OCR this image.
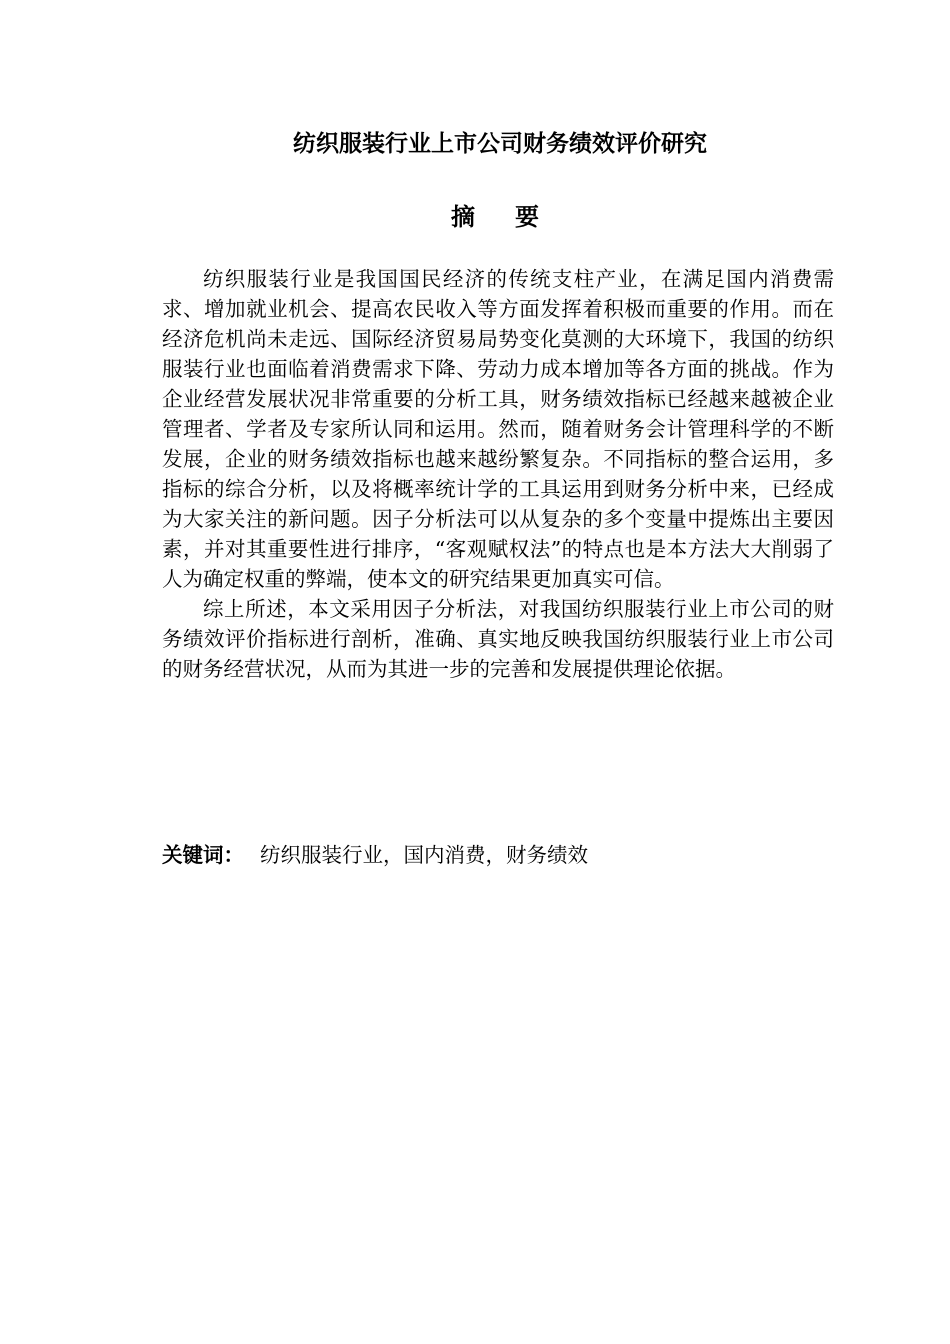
纺织服装行业上市公司财务绩效评价研究
摘要

纺织服装行业是我国国民经济的传统支柱产业，在满足国内消费需求、增加就业机会、提高农民收入等方面发挥着积极而重要的作用。而在经济危机尚未走远、国际经济贸易局势变化莫测的大环境下，我国的纺织服装行业也面临着消费需求下降、劳动力成本增加等各方面的挑战。作为企业经营发展状况非常重要的分析工具，财务绩效指标已经越来越被企业管理者、学者及专家所认同和运用。然而，随着财务会计管理科学的不断发展，企业的财务绩效指标也越来越纷繁复杂。不同指标的整合运用，多指标的综合分析，以及将概率统计学的工具运用到财务分析中来，已经成为大家关注的新问题。因子分析法可以从复杂的多个变量中提炼出主要因素，并对其重要性进行排序，“客观赋权法”的特点也是本方法大大削弱了人为确定权重的弊端，使本文的研究结果更加真实可信。

综上所述，本文采用因子分析法，对我国纺织服装行业上市公司的财务绩效评价指标进行剖析，准确、真实地反映我国纺织服装行业上市公司的财务经营状况，从而为其进一步的完善和发展提供理论依据。

关键词： 纺织服装行业，国内消费，财务绩效
